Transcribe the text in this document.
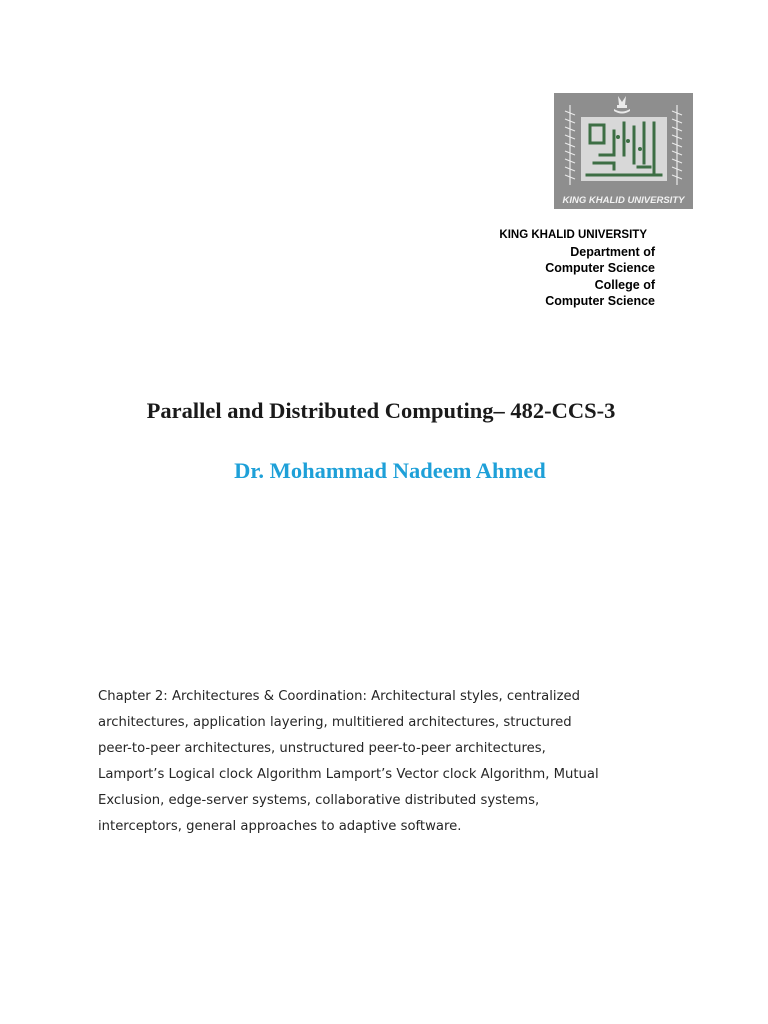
KING KHALID UNIVERSITY
KING KHALID UNIVERSITY
Department of
Computer Science
College of
Computer Science
Parallel and Distributed Computing– 482-CCS-3
Dr. Mohammad Nadeem Ahmed
Chapter 2: Architectures & Coordination: Architectural styles, centralized
architectures, application layering, multitiered architectures, structured
peer-to-peer architectures, unstructured peer-to-peer architectures,
Lamport’s Logical clock Algorithm Lamport’s Vector clock Algorithm, Mutual
Exclusion, edge-server systems, collaborative distributed systems,
interceptors, general approaches to adaptive software.
